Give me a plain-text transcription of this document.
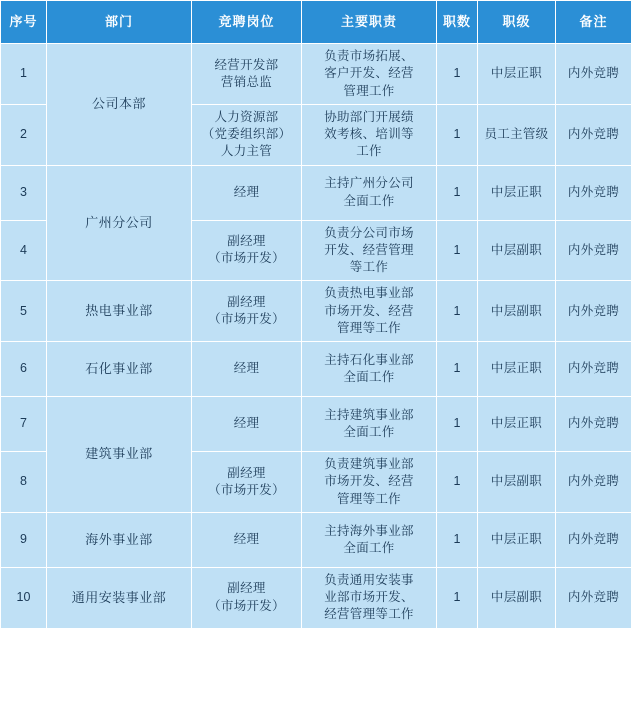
序号	部门	竞聘岗位	主要职责	职数	职级	备注

1	公司本部	经营开发部
营销总监	负责市场拓展、
客户开发、经营
管理工作	1	中层正职	内外竞聘

2		人力资源部
（党委组织部）
人力主管	协助部门开展绩
效考核、培训等
工作	1	员工主管级	内外竞聘

3	广州分公司	经理	主持广州分公司
全面工作	1	中层正职	内外竞聘

4		副经理
（市场开发）	负责分公司市场
开发、经营管理
等工作	1	中层副职	内外竞聘

5	热电事业部	副经理
（市场开发）	负责热电事业部
市场开发、经营
管理等工作	1	中层副职	内外竞聘

6	石化事业部	经理	主持石化事业部
全面工作	1	中层正职	内外竞聘

7	建筑事业部	经理	主持建筑事业部
全面工作	1	中层正职	内外竞聘

8		副经理
（市场开发）	负责建筑事业部
市场开发、经营
管理等工作	1	中层副职	内外竞聘

9	海外事业部	经理	主持海外事业部
全面工作	1	中层正职	内外竞聘

10	通用安装事业部	副经理
（市场开发）	负责通用安装事
业部市场开发、
经营管理等工作	1	中层副职	内外竞聘
